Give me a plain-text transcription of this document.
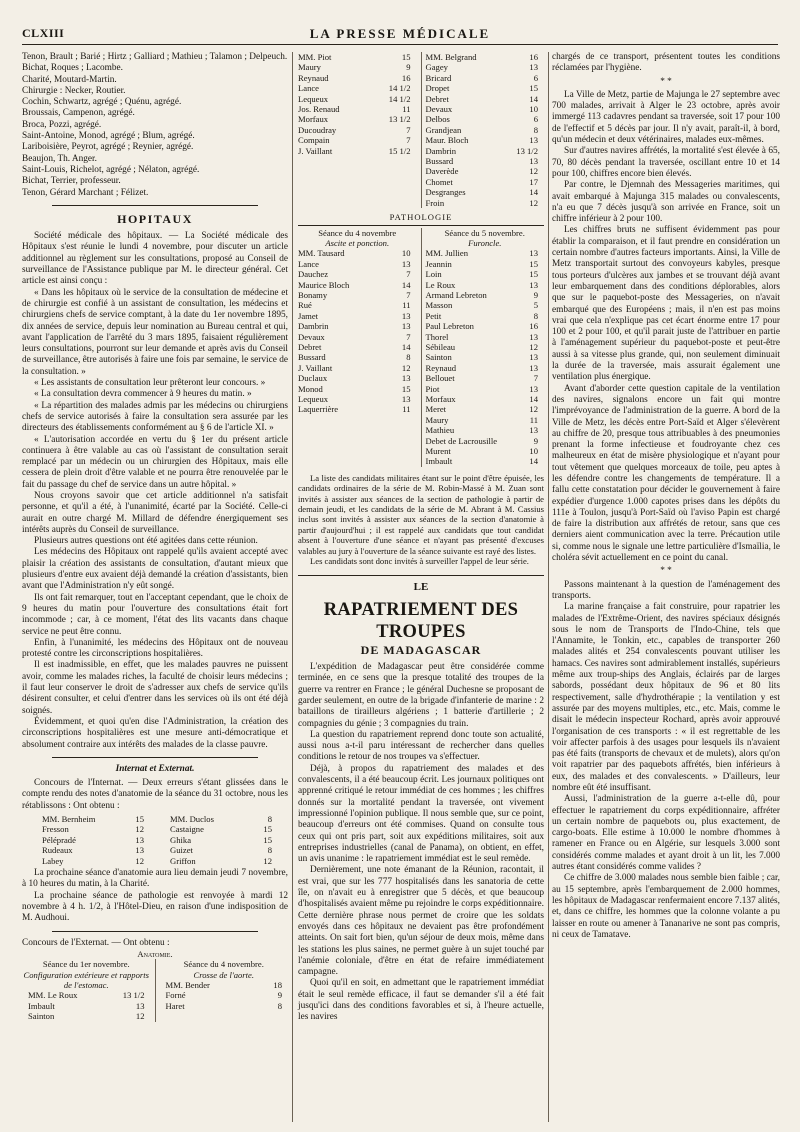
CLXIII	LA PRESSE MÉDICALE
Tenon, Brault ; Barié ; Hirtz ; Galliard ; Mathieu ; Talamon ; Delpeuch.
Bichat, Roques ; Lacombe.
Charité, Moutard-Martin.
Chirurgie : Necker, Routier.
Cochin, Schwartz, agrégé ; Quénu, agrégé.
Broussais, Campenon, agrégé.
Broca, Pozzi, agrégé.
Saint-Antoine, Monod, agrégé ; Blum, agrégé.
Lariboisière, Peyrot, agrégé ; Reynier, agrégé.
Beaujon, Th. Anger.
Saint-Louis, Richelot, agrégé ; Nélaton, agrégé.
Bichat, Terrier, professeur.
Tenon, Gérard Marchant ; Félizet.
HOPITAUX

Société médicale des hôpitaux. — La Société médicale des Hôpitaux s'est réunie le lundi 4 novembre, pour discuter un article additionnel au règlement sur les consultations, proposé au Conseil de surveillance de l'Assistance publique par M. le directeur général. Cet article est ainsi conçu :

« Dans les hôpitaux où le service de la consultation de médecine et de chirurgie est confié à un assistant de consultation, les médecins et chirurgiens chefs de service comptant, à la date du 1er novembre 1895, dix années de service, depuis leur nomination au Bureau central et qui, avant l'application de l'arrêté du 3 mars 1895, faisaient régulièrement leurs consultations, pourront sur leur demande et après avis du Conseil de surveillance, être autorisés à faire une fois par semaine, le service de la consultation. »

« Les assistants de consultation leur prêteront leur concours. »

« La consultation devra commencer à 9 heures du matin. »

« La répartition des malades admis par les médecins ou chirurgiens chefs de service autorisés à faire la consultation sera assurée par les directeurs des établissements conformément au § 6 de l'article XI. »

« L'autorisation accordée en vertu du § 1er du présent article continuera à être valable au cas où l'assistant de consultation serait remplacé par un médecin ou un chirurgien des Hôpitaux, mais elle cessera de plein droit d'être valable et ne pourra être renouvelée par le fait du passage du chef de service dans un autre hôpital. »

Nous croyons savoir que cet article additionnel n'a satisfait personne, et qu'il a été, à l'unanimité, écarté par la Société. Celle-ci aurait en outre chargé M. Millard de défendre énergiquement ses intérêts auprès du Conseil de surveillance.

Plusieurs autres questions ont été agitées dans cette réunion.

Les médecins des Hôpitaux ont rappelé qu'ils avaient accepté avec plaisir la création des assistants de consultation, d'autant mieux que plusieurs d'entre eux avaient déjà demandé la création d'assistants, bien avant que l'Administration n'y eût songé.

Ils ont fait remarquer, tout en l'acceptant cependant, que le choix de 9 heures du matin pour l'ouverture des consultations était fort incommode ; car, à ce moment, l'état des lits vacants dans chaque service ne peut être connu.

Enfin, à l'unanimité, les médecins des Hôpitaux ont de nouveau protesté contre les circonscriptions hospitalières.

Il est inadmissible, en effet, que les malades pauvres ne puissent avoir, comme les malades riches, la faculté de choisir leurs médecins ; il faut leur conserver le droit de s'adresser aux chefs de service qu'ils désirent consulter, et celui d'entrer dans les services où ils ont été déjà soignés.

Évidemment, et quoi qu'en dise l'Administration, la création des circonscriptions hospitalières est une mesure anti-démocratique et absolument contraire aux intérêts des malades de la classe pauvre.

Internat et Externat.

Concours de l'Internat. — Deux erreurs s'étant glissées dans le compte rendu des notes d'anatomie de la séance du 31 octobre, nous les rétablissons : Ont obtenu :

MM. Bernheim	15
Fresson	12
Pélépradé	13
Rudeaux	13
Labey	12
MM. Duclos	8
Castaigne	15
Ghika	15
Guizet	8
Griffon	12

La prochaine séance d'anatomie aura lieu demain jeudi 7 novembre, à 10 heures du matin, à la Charité.

La prochaine séance de pathologie est renvoyée à mardi 12 novembre à 4 h. 1/2, à l'Hôtel-Dieu, en raison d'une indisposition de M. Audhoui.

Concours de l'Externat. — Ont obtenu :

Anatomie.
Séance du 1er novembre.
Configuration extérieure et rapports de l'estomac.
MM. Le Roux	13 1/2
Imbault	13
Sainton	12
Séance du 4 novembre.
Crosse de l'aorte.
MM. Bender	18
Forné	9
Haret	8
MM. Piot	15
Maury	9
Reynaud	16
Lance	14 1/2
Lequeux	14 1/2
Jos. Renaud	11
Morfaux	13 1/2
Ducoudray	7
Compain	7
J. Vaillant	15 1/2
MM. Belgrand	16
Gagey	13
Bricard	6
Dropet	15
Debret	14
Devaux	10
Delbos	6
Grandjean	8
Maur. Bloch	13
Dambrin	13 1/2
Bussard	13
Daverède	12
Chomet	17
Desgranges	14
Froin	12
PATHOLOGIE
Séance du 4 novembre
Ascite et ponction.
MM. Tausard	10
Lance	13
Dauchez	7
Maurice Bloch	14
Bonamy	7
Rué	11
Jamet	13
Dambrin	13
Devaux	7
Debret	14
Bussard	8
J. Vaillant	12
Duclaux	13
Monod	15
Lequeux	13
Laquerrière	11
Séance du 5 novembre.
Furoncle.
MM. Jullien	13
Jeannin	15
Loin	15
Le Roux	13
Armand Lebreton	9
Masson	5
Petit	8
Paul Lebreton	16
Thorel	13
Sébileau	12
Sainton	13
Reynaud	13
Bellouet	7
Piot	13
Morfaux	14
Meret	12
Maury	11
Mathieu	13
Debet de Lacrousille	9
Murent	10
Imbault	14

La liste des candidats militaires étant sur le point d'être épuisée, les candidats ordinaires de la série de M. Robin-Massé à M. Zuan sont invités à assister aux séances de la section de pathologie à partir de demain jeudi, et les candidats de la série de M. Abrant à M. Cassius inclus sont invités à assister aux séances de la section d'anatomie à partir d'aujourd'hui ; il est rappelé aux candidats que tout candidat absent à l'ouverture d'une séance et n'ayant pas présenté d'excuses valables au jury à l'ouverture de la séance suivante est rayé des listes.

Les candidats sont donc invités à surveiller l'appel de leur série.

LE
RAPATRIEMENT DES TROUPES
DE MADAGASCAR

L'expédition de Madagascar peut être considérée comme terminée, en ce sens que la presque totalité des troupes de la guerre va rentrer en France ; le général Duchesne se proposant de garder seulement, en outre de la brigade d'infanterie de marine : 2 bataillons de tirailleurs algériens ; 1 batterie d'artillerie ; 2 compagnies du génie ; 3 compagnies du train.

La question du rapatriement reprend donc toute son actualité, aussi nous a-t-il paru intéressant de rechercher dans quelles conditions le retour de nos troupes va s'effectuer.

Déjà, à propos du rapatriement des malades et des convalescents, il a été beaucoup écrit. Les journaux politiques ont apprenné critiqué le retour immédiat de ces hommes ; les chiffres donnés sur la mortalité pendant la traversée, ont vivement impressionné l'opinion publique. Il nous semble que, sur ce point, beaucoup d'erreurs ont été commises. Quand on consulte tous ceux qui ont pris part, soit aux expéditions militaires, soit aux entreprises industrielles (canal de Panama), on obtient, en effet, un avis unanime : le rapatriement immédiat est le seul remède.

Dernièrement, une note émanant de la Réunion, racontait, il est vrai, que sur les 777 hospitalisés dans les sanatoria de cette île, on n'avait eu à enregistrer que 5 décès, et que beaucoup d'hospitalisés avaient même pu rejoindre le corps expéditionnaire. Cette dernière phrase nous permet de croire que les soldats envoyés dans ces hôpitaux ne devaient pas être profondément atteints. On sait fort bien, qu'un séjour de deux mois, même dans les stations les plus saines, ne permet guère à un sujet touché par l'anémie coloniale, d'être en état de refaire immédiatement campagne.

Quoi qu'il en soit, en admettant que le rapatriement immédiat était le seul remède efficace, il faut se demander s'il a été fait jusqu'ici dans des conditions favorables et si, à l'heure actuelle, les navires

chargés de ce transport, présentent toutes les conditions réclamées par l'hygiène.

* *

La Ville de Metz, partie de Majunga le 27 septembre avec 700 malades, arrivait à Alger le 23 octobre, après avoir immergé 113 cadavres pendant sa traversée, soit 17 pour 100 de l'effectif et 5 décès par jour. Il n'y avait, paraît-il, à bord, qu'un médecin et deux vétérinaires, malades eux-mêmes.

Sur d'autres navires affrétés, la mortalité s'est élevée à 65, 70, 80 décès pendant la traversée, oscillant entre 10 et 14 pour 100, chiffres encore bien élevés.

Par contre, le Djemnah des Messageries maritimes, qui avait embarqué à Majunga 315 malades ou convalescents, n'a eu que 7 décès jusqu'à son arrivée en France, soit un chiffre inférieur à 2 pour 100.

Les chiffres bruts ne suffisent évidemment pas pour établir la comparaison, et il faut prendre en considération un certain nombre d'autres facteurs importants. Ainsi, la Ville de Metz transportait surtout des convoyeurs kabyles, presque tous porteurs d'ulcères aux jambes et se trouvant déjà avant leur embarquement dans des conditions déplorables, alors que sur le paquebot-poste des Messageries, on n'avait embarqué que des Européens ; mais, il n'en est pas moins vrai que cela n'explique pas cet écart énorme entre 17 pour 100 et 2 pour 100, et qu'il parait juste de l'attribuer en partie à l'aménagement supérieur du paquebot-poste et peut-être aussi à sa vitesse plus grande, qui, non seulement diminuait la durée de la traversée, mais assurait également une ventilation plus énergique.

Avant d'aborder cette question capitale de la ventilation des navires, signalons encore un fait qui montre l'imprévoyance de l'administration de la guerre. A bord de la Ville de Metz, les décès entre Port-Saïd et Alger s'élevèrent au chiffre de 20, presque tous attribuables à des pneumonies prenant la forme infectieuse et foudroyante chez ces malheureux en état de misère physiologique et n'ayant pour tout vêtement que quelques morceaux de toile, peu aptes à les défendre contre les changements de température. Il a fallu cette constatation pour décider le gouvernement à faire expédier d'urgence 1.000 capotes prises dans les dépôts du 111e à Toulon, jusqu'à Port-Saïd où l'aviso Papin est chargé de faire la distribution aux affrétés de retour, sans que ces derniers aient communication avec la terre. Précaution utile si, comme nous le signale une lettre particulière d'Ismaïlia, le choléra sévit actuellement en ce point du canal.

* *

Passons maintenant à la question de l'aménagement des transports.

La marine française a fait construire, pour rapatrier les malades de l'Extrême-Orient, des navires spéciaux désignés sous le nom de Transports de l'Indo-Chine, tels que l'Annamite, le Tonkin, etc., capables de transporter 260 malades alités et 254 convalescents pouvant utiliser les hamacs. Ces navires sont admirablement installés, supérieurs même aux troup-ships des Anglais, éclairés par de larges sabords, possédant deux hôpitaux de 96 et 80 lits respectivement, salle d'hydrothérapie ; la ventilation y est assurée par des moyens multiples, etc., etc. Mais, comme le disait le médecin inspecteur Rochard, après avoir approuvé l'organisation de ces transports : « il est regrettable de les voir affecter parfois à des usages pour lesquels ils n'avaient pas été faits (transports de chevaux et de mulets), alors qu'on voit rapatrier par des paquebots affrétés, bien inférieurs à eux, des malades et des convalescents. » D'ailleurs, leur nombre eût été insuffisant.

Aussi, l'administration de la guerre a-t-elle dû, pour effectuer le rapatriement du corps expéditionnaire, affréter un certain nombre de paquebots ou, plus exactement, de cargo-boats. Elle estime à 10.000 le nombre d'hommes à ramener en France ou en Algérie, sur lesquels 3.000 sont considérés comme malades et ayant droit à un lit, les 7.000 autres étant considérés comme valides ?

Ce chiffre de 3.000 malades nous semble bien faible ; car, au 15 septembre, après l'embarquement de 2.000 hommes, les hôpitaux de Madagascar renfermaient encore 7.137 alités, et, dans ce chiffre, les hommes que la colonne volante a pu laisser en route ou amener à Tananarive ne sont pas compris, ni ceux de Tamatave.
